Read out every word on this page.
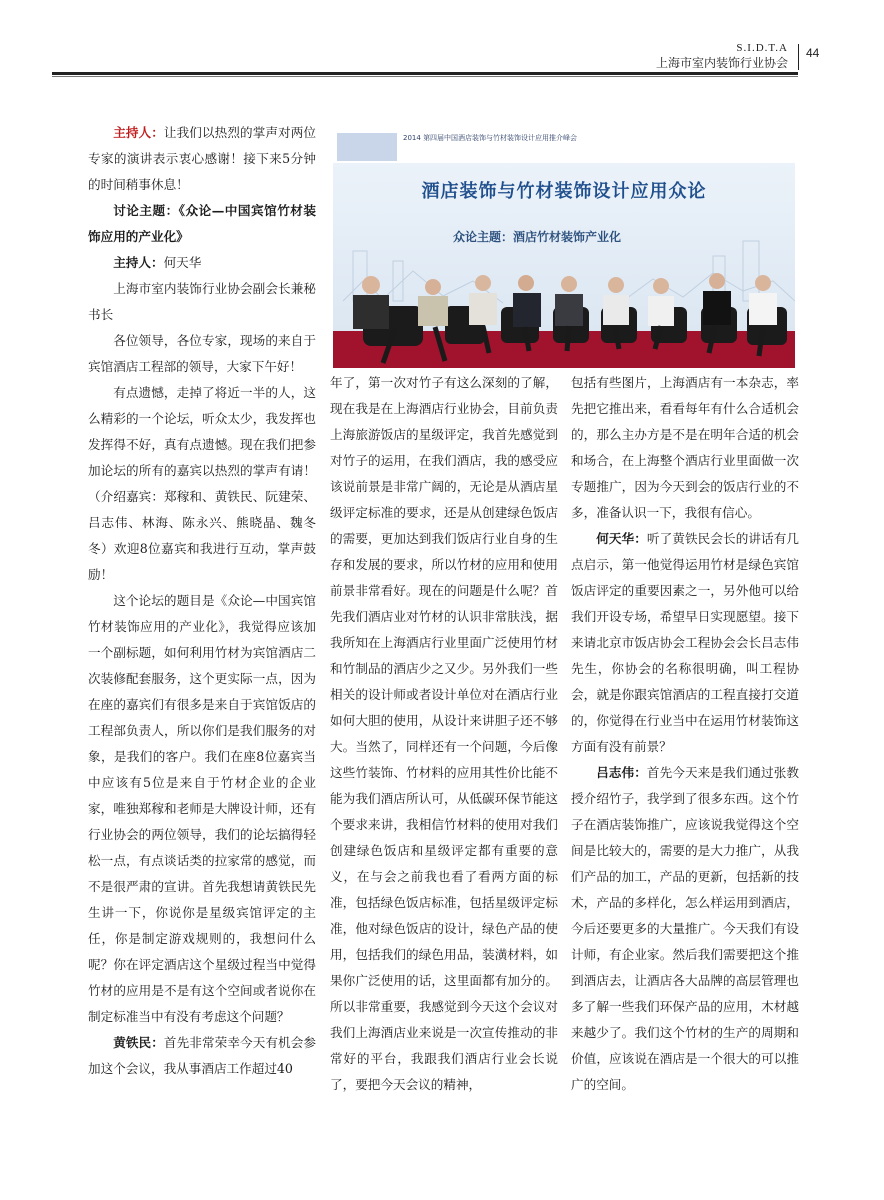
S.I.D.T.A
上海市室内装饰行业协会
44

主持人：让我们以热烈的掌声对两位专家的演讲表示衷心感谢！接下来5分钟的时间稍事休息！

讨论主题：《众论—中国宾馆竹材装饰应用的产业化》

主持人：何天华

上海市室内装饰行业协会副会长兼秘书长

各位领导，各位专家，现场的来自于宾馆酒店工程部的领导，大家下午好！

有点遗憾，走掉了将近一半的人，这么精彩的一个论坛，听众太少，我发挥也发挥得不好，真有点遗憾。现在我们把参加论坛的所有的嘉宾以热烈的掌声有请！（介绍嘉宾：郑稼和、黄铁民、阮建荣、吕志伟、林海、陈永兴、熊晓晶、魏冬冬）欢迎8位嘉宾和我进行互动，掌声鼓励！

这个论坛的题目是《众论—中国宾馆竹材装饰应用的产业化》，我觉得应该加一个副标题，如何利用竹材为宾馆酒店二次装修配套服务，这个更实际一点，因为在座的嘉宾们有很多是来自于宾馆饭店的工程部负责人，所以你们是我们服务的对象，是我们的客户。我们在座8位嘉宾当中应该有5位是来自于竹材企业的企业家，唯独郑稼和老师是大牌设计师，还有行业协会的两位领导，我们的论坛搞得轻松一点，有点谈话类的拉家常的感觉，而不是很严肃的宣讲。首先我想请黄铁民先生讲一下，你说你是星级宾馆评定的主任，你是制定游戏规则的，我想问什么呢？你在评定酒店这个星级过程当中觉得竹材的应用是不是有这个空间或者说你在制定标准当中有没有考虑这个问题？

黄铁民：首先非常荣幸今天有机会参加这个会议，我从事酒店工作超过40

2014 第四届中国酒店装饰与竹材装饰设计应用推介峰会
酒店装饰与竹材装饰设计应用众论
众论主题：酒店竹材装饰产业化

年了，第一次对竹子有这么深刻的了解，现在我是在上海酒店行业协会，目前负责上海旅游饭店的星级评定，我首先感觉到对竹子的运用，在我们酒店，我的感受应该说前景是非常广阔的，无论是从酒店星级评定标准的要求，还是从创建绿色饭店的需要，更加达到我们饭店行业自身的生存和发展的要求，所以竹材的应用和使用前景非常看好。现在的问题是什么呢？首先我们酒店业对竹材的认识非常肤浅，据我所知在上海酒店行业里面广泛使用竹材和竹制品的酒店少之又少。另外我们一些相关的设计师或者设计单位对在酒店行业如何大胆的使用，从设计来讲胆子还不够大。当然了，同样还有一个问题，今后像这些竹装饰、竹材料的应用其性价比能不能为我们酒店所认可，从低碳环保节能这个要求来讲，我相信竹材料的使用对我们创建绿色饭店和星级评定都有重要的意义，在与会之前我也看了看两方面的标准，包括绿色饭店标准，包括星级评定标准，他对绿色饭店的设计，绿色产品的使用，包括我们的绿色用品，装潢材料，如果你广泛使用的话，这里面都有加分的。所以非常重要，我感觉到今天这个会议对我们上海酒店业来说是一次宣传推动的非常好的平台，我跟我们酒店行业会长说了，要把今天会议的精神，

包括有些图片，上海酒店有一本杂志，率先把它推出来，看看每年有什么合适机会的，那么主办方是不是在明年合适的机会和场合，在上海整个酒店行业里面做一次专题推广，因为今天到会的饭店行业的不多，准备认识一下，我很有信心。

何天华：听了黄铁民会长的讲话有几点启示，第一他觉得运用竹材是绿色宾馆饭店评定的重要因素之一，另外他可以给我们开设专场，希望早日实现愿望。接下来请北京市饭店协会工程协会会长吕志伟先生，你协会的名称很明确，叫工程协会，就是你跟宾馆酒店的工程直接打交道的，你觉得在行业当中在运用竹材装饰这方面有没有前景？

吕志伟：首先今天来是我们通过张教授介绍竹子，我学到了很多东西。这个竹子在酒店装饰推广，应该说我觉得这个空间是比较大的，需要的是大力推广，从我们产品的加工，产品的更新，包括新的技术，产品的多样化，怎么样运用到酒店，今后还要更多的大量推广。今天我们有设计师，有企业家。然后我们需要把这个推到酒店去，让酒店各大品牌的高层管理也多了解一些我们环保产品的应用，木材越来越少了。我们这个竹材的生产的周期和价值，应该说在酒店是一个很大的可以推广的空间。
